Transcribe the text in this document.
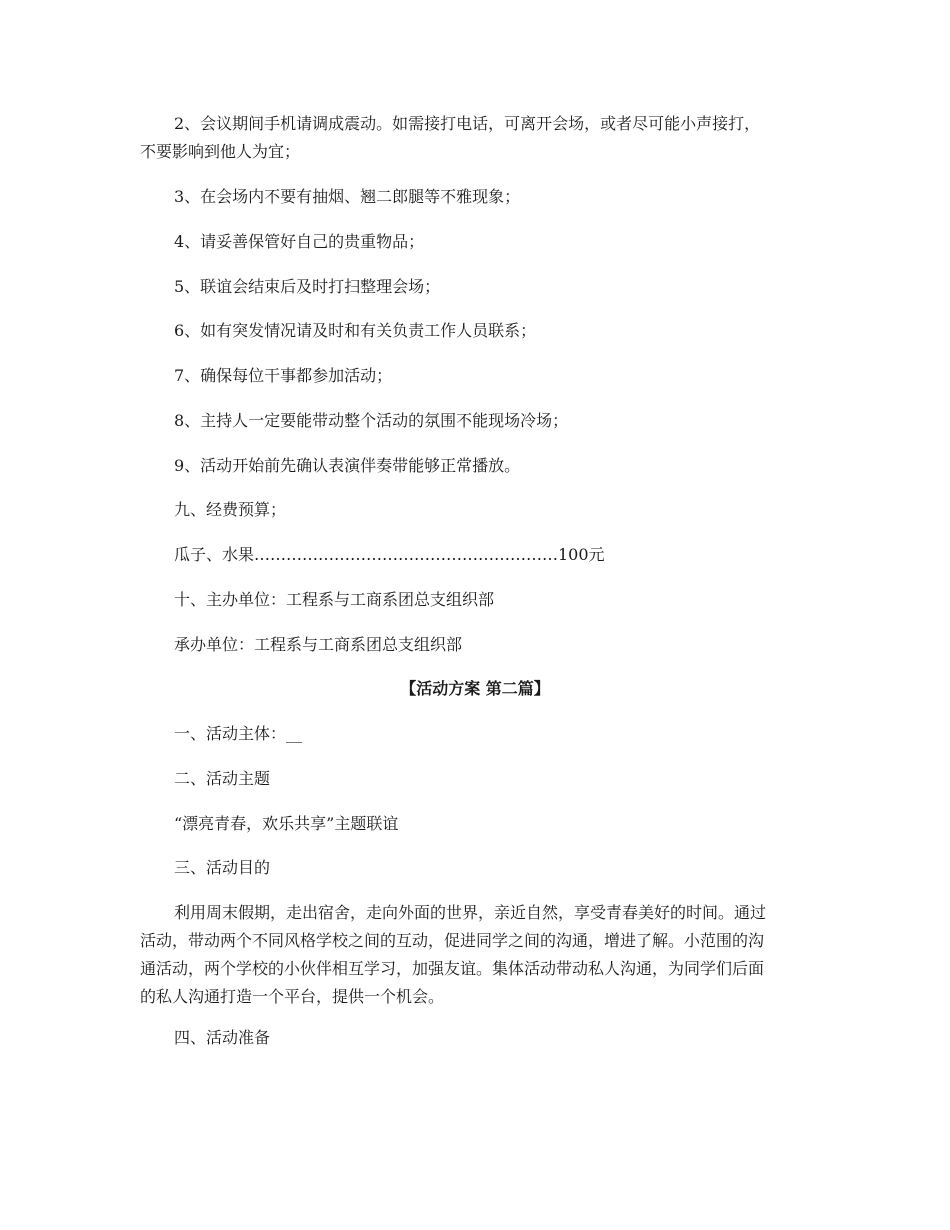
2、会议期间手机请调成震动。如需接打电话，可离开会场，或者尽可能小声接打，
不要影响到他人为宜；
3、在会场内不要有抽烟、翘二郎腿等不雅现象；
4、请妥善保管好自己的贵重物品；
5、联谊会结束后及时打扫整理会场；
6、如有突发情况请及时和有关负责工作人员联系；
7、确保每位干事都参加活动；
8、主持人一定要能带动整个活动的氛围不能现场冷场；
9、活动开始前先确认表演伴奏带能够正常播放。
九、经费预算；
瓜子、水果…………………………………………………100元
十、主办单位：工程系与工商系团总支组织部
承办单位：工程系与工商系团总支组织部
【活动方案 第二篇】
一、活动主体：__
二、活动主题
“漂亮青春，欢乐共享”主题联谊
三、活动目的
利用周末假期，走出宿舍，走向外面的世界，亲近自然，享受青春美好的时间。通过
活动，带动两个不同风格学校之间的互动，促进同学之间的沟通，增进了解。小范围的沟
通活动，两个学校的小伙伴相互学习，加强友谊。集体活动带动私人沟通，为同学们后面
的私人沟通打造一个平台，提供一个机会。
四、活动准备
